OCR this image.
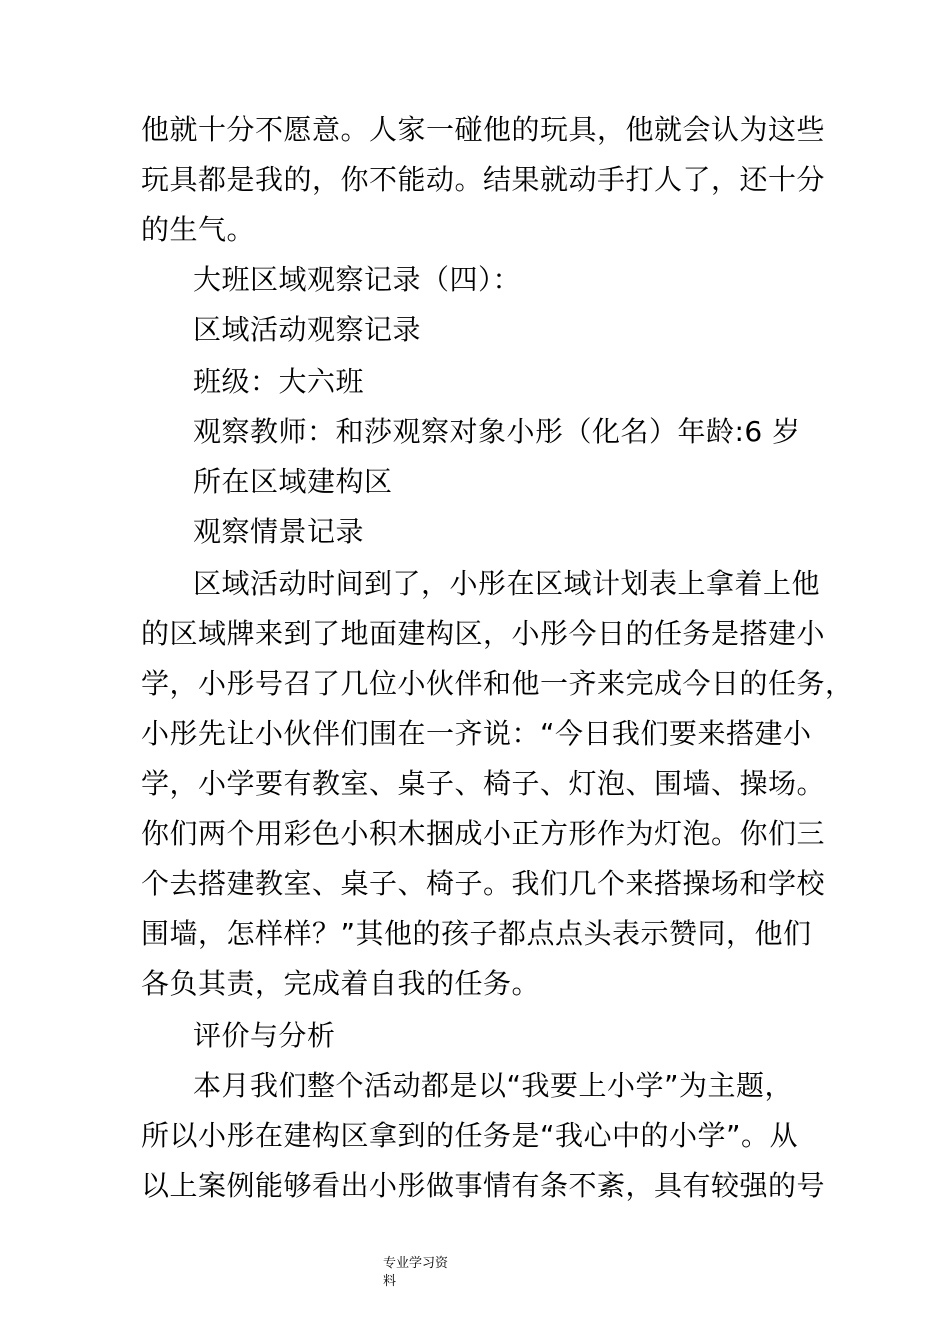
他就十分不愿意。人家一碰他的玩具，他就会认为这些
玩具都是我的，你不能动。结果就动手打人了，还十分
的生气。
大班区域观察记录（四）：
区域活动观察记录
班级：大六班
观察教师：和莎观察对象小彤（化名）年龄:6 岁
所在区域建构区
观察情景记录
区域活动时间到了，小彤在区域计划表上拿着上他
的区域牌来到了地面建构区，小彤今日的任务是搭建小
学，小彤号召了几位小伙伴和他一齐来完成今日的任务，
小彤先让小伙伴们围在一齐说：“今日我们要来搭建小
学，小学要有教室、桌子、椅子、灯泡、围墙、操场。
你们两个用彩色小积木捆成小正方形作为灯泡。你们三
个去搭建教室、桌子、椅子。我们几个来搭操场和学校
围墙，怎样样？”其他的孩子都点点头表示赞同，他们
各负其责，完成着自我的任务。
评价与分析
本月我们整个活动都是以“我要上小学”为主题，
所以小彤在建构区拿到的任务是“我心中的小学”。从
以上案例能够看出小彤做事情有条不紊，具有较强的号
专业学习资
料
